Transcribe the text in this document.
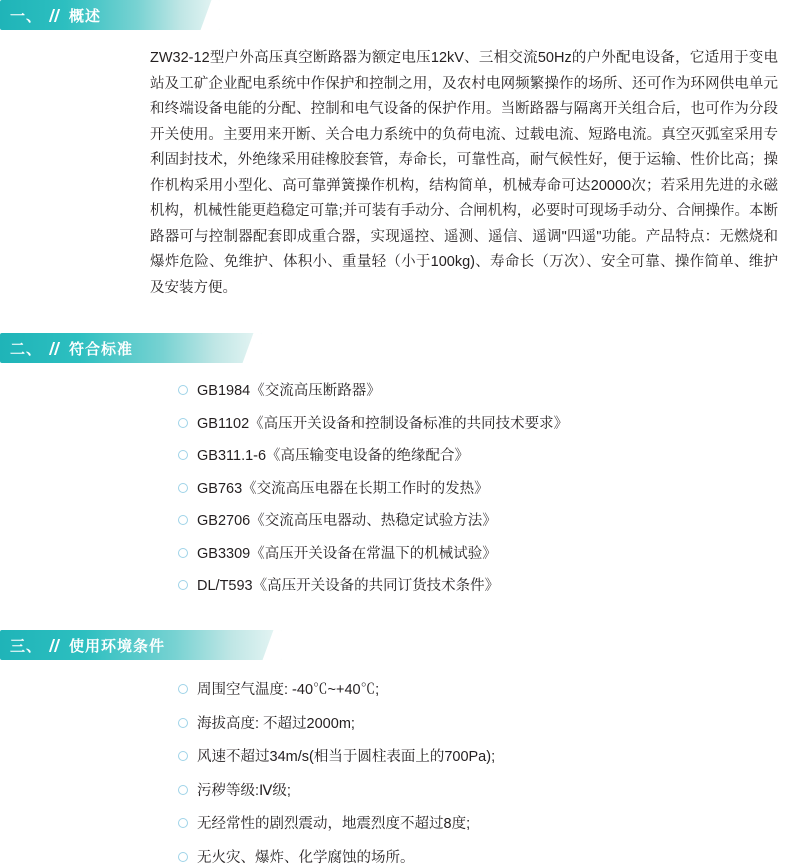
一、 概述

ZW32-12型户外高压真空断路器为额定电压12kV、三相交流50Hz的户外配电设备，它适用于变电站及工矿企业配电系统中作保护和控制之用，及农村电网频繁操作的场所、还可作为环网供电单元和终端设备电能的分配、控制和电气设备的保护作用。当断路器与隔离开关组合后，也可作为分段开关使用。主要用来开断、关合电力系统中的负荷电流、过载电流、短路电流。真空灭弧室采用专利固封技术，外绝缘采用硅橡胶套管，寿命长，可靠性高，耐气候性好，便于运输、性价比高；操作机构采用小型化、高可靠弹簧操作机构，结构简单，机械寿命可达20000次；若采用先进的永磁机构，机械性能更趋稳定可靠;并可装有手动分、合闸机构，必要时可现场手动分、合闸操作。本断路器可与控制器配套即成重合器，实现遥控、遥测、遥信、遥调"四遥"功能。产品特点：无燃烧和爆炸危险、免维护、体积小、重量轻（小于100kg)、寿命长（万次）、安全可靠、操作简单、维护及安装方便。

二、 符合标准
GB1984《交流高压断路器》
GB1102《高压开关设备和控制设备标准的共同技术要求》
GB311.1-6《高压输变电设备的绝缘配合》
GB763《交流高压电器在长期工作时的发热》
GB2706《交流高压电器动、热稳定试验方法》
GB3309《高压开关设备在常温下的机械试验》
DL/T593《高压开关设备的共同订货技术条件》
三、 使用环境条件
周围空气温度: -40℃~+40℃;
海拔高度: 不超过2000m;
风速不超过34m/s(相当于圆柱表面上的700Pa);
污秽等级:Ⅳ级;
无经常性的剧烈震动，地震烈度不超过8度;
无火灾、爆炸、化学腐蚀的场所。
